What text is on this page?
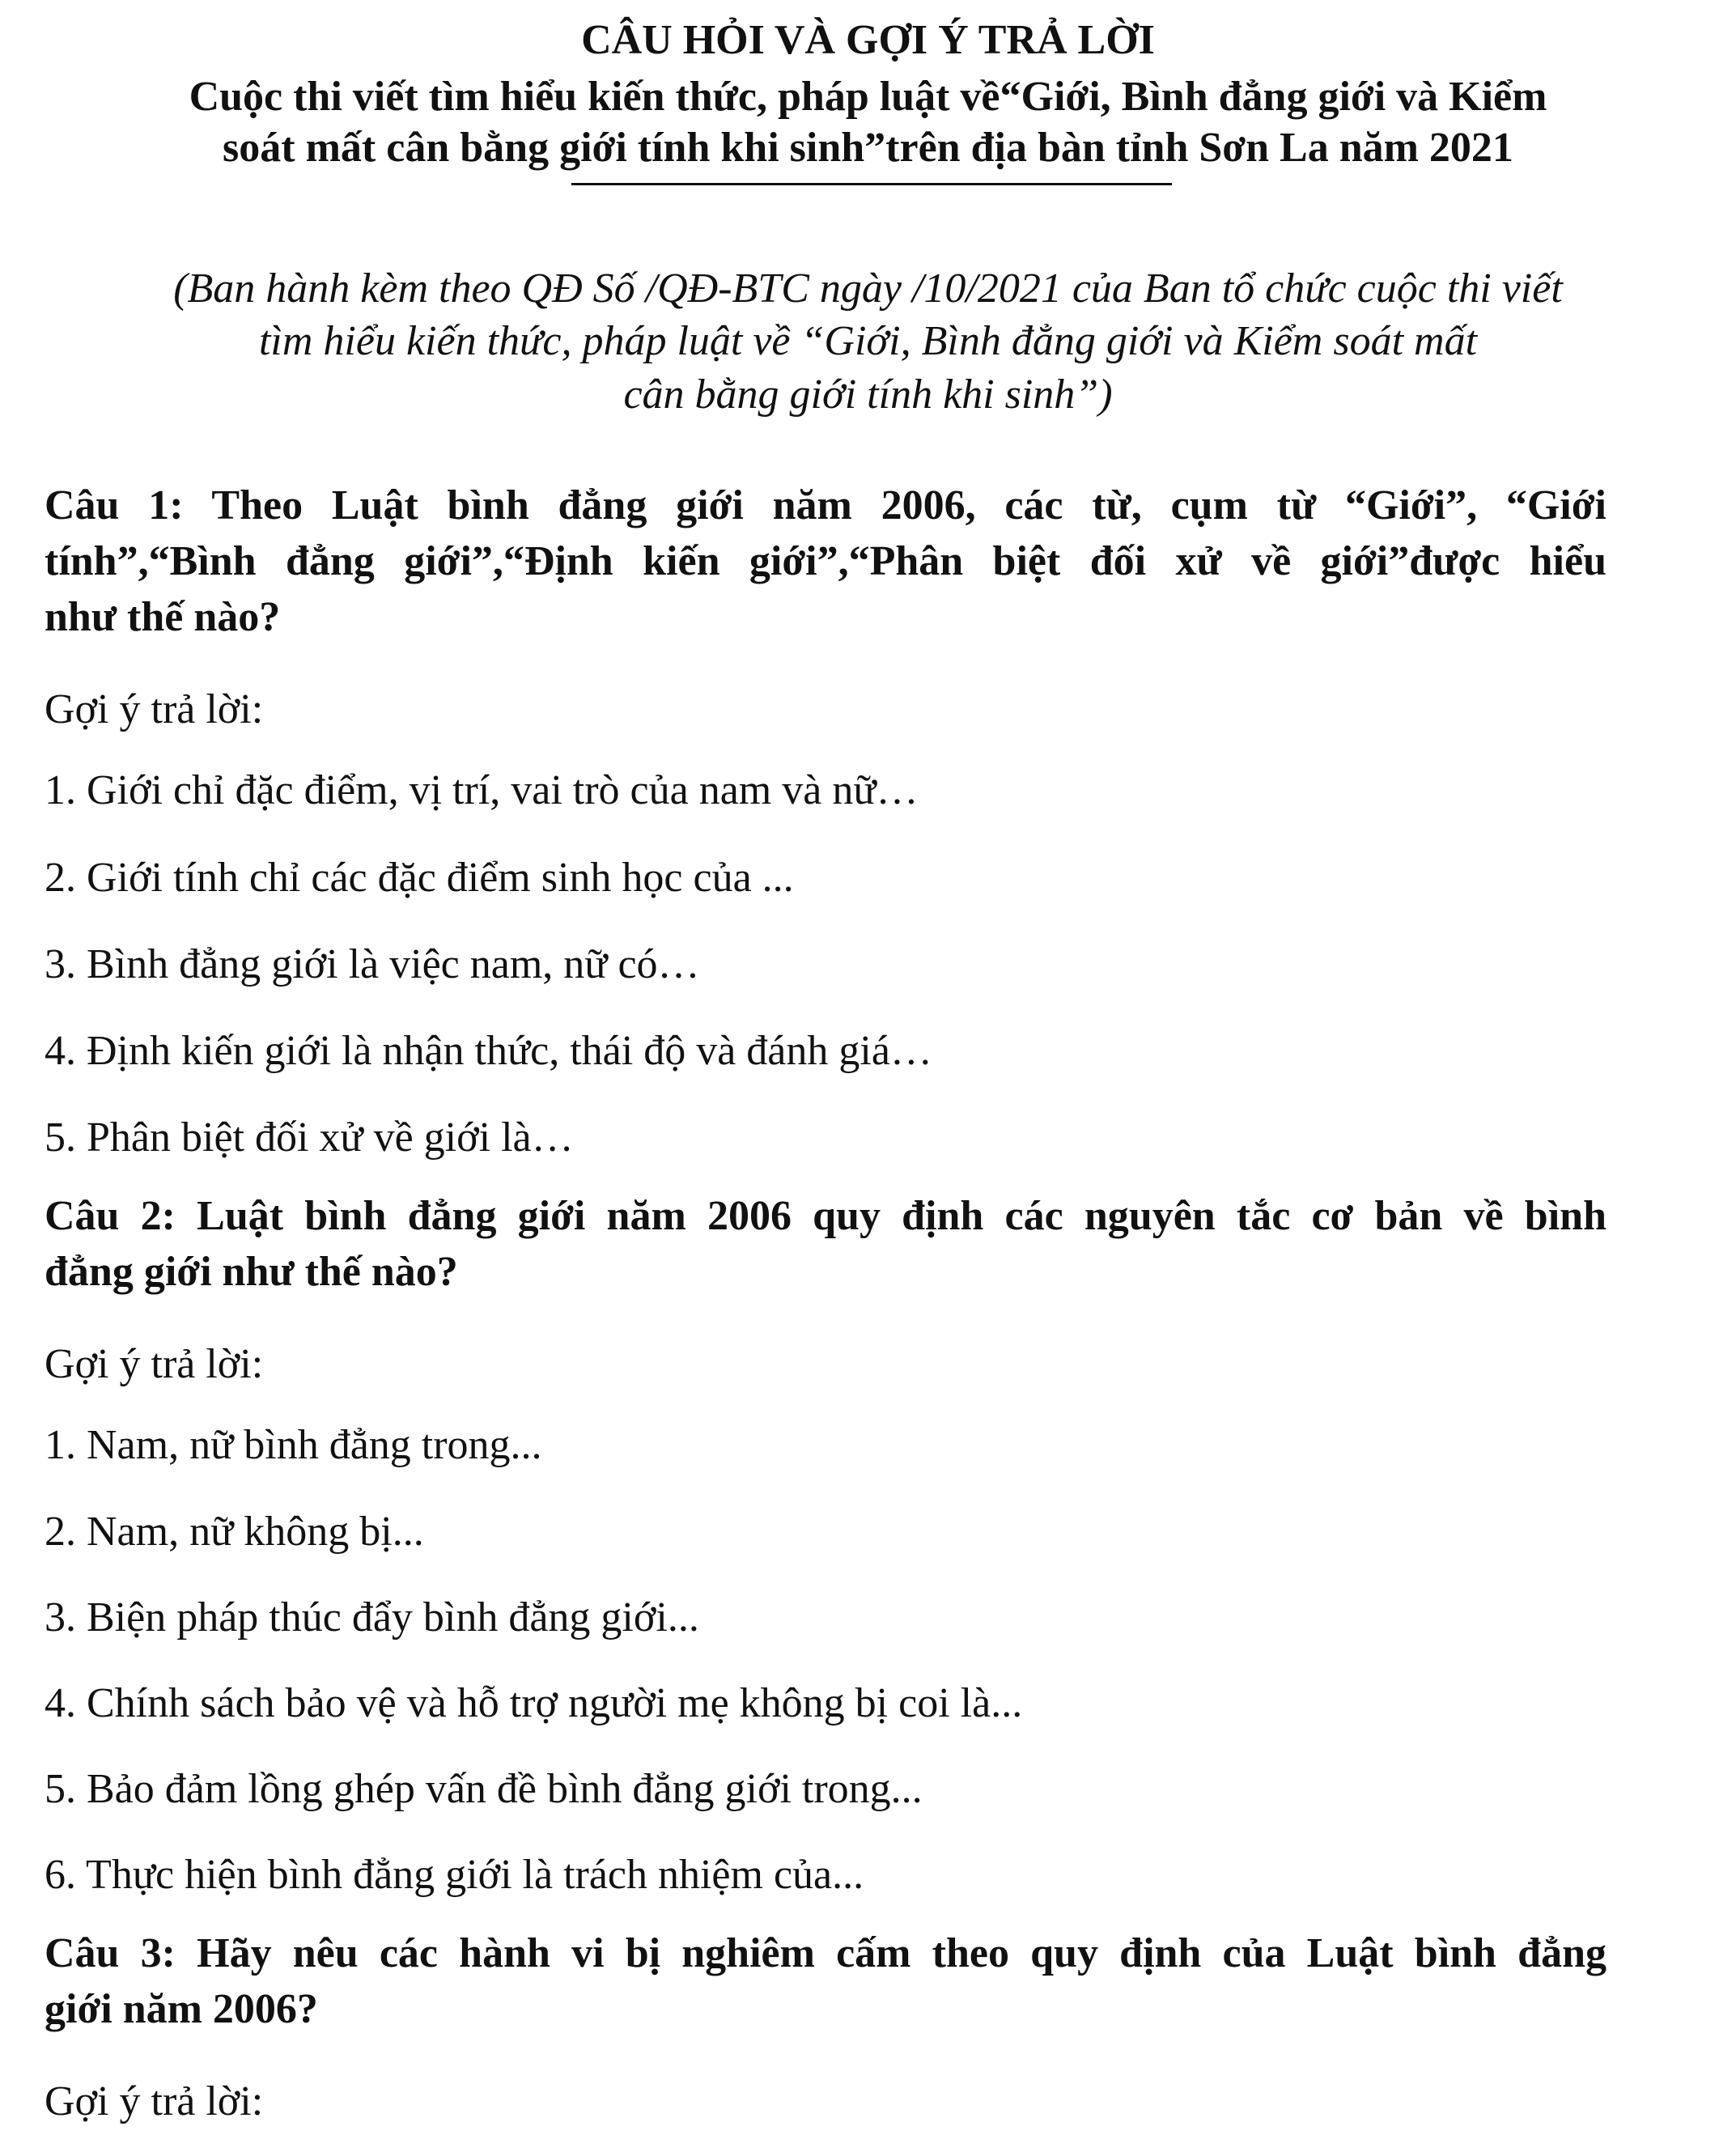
CÂU HỎI VÀ GỢI Ý TRẢ LỜI
Cuộc thi viết tìm hiểu kiến thức, pháp luật về“Giới, Bình đẳng giới và Kiểm
soát mất cân bằng giới tính khi sinh”trên địa bàn tỉnh Sơn La năm 2021
(Ban hành kèm theo QĐ Số /QĐ-BTC ngày /10/2021 của Ban tổ chức cuộc thi viết
tìm hiểu kiến thức, pháp luật về “Giới, Bình đẳng giới và Kiểm soát mất
cân bằng giới tính khi sinh”)
Câu 1: Theo Luật bình đẳng giới năm 2006, các từ, cụm từ “Giới”, “Giới
tính”,“Bình đẳng giới”,“Định kiến giới”,“Phân biệt đối xử về giới”được hiểu
như thế nào?
Gợi ý trả lời:
1. Giới chỉ đặc điểm, vị trí, vai trò của nam và nữ…
2. Giới tính chỉ các đặc điểm sinh học của ...
3. Bình đẳng giới là việc nam, nữ có…
4. Định kiến giới là nhận thức, thái độ và đánh giá…
5. Phân biệt đối xử về giới là…
Câu 2: Luật bình đẳng giới năm 2006 quy định các nguyên tắc cơ bản về bình
đẳng giới như thế nào?
Gợi ý trả lời:
1. Nam, nữ bình đẳng trong...
2. Nam, nữ không bị...
3. Biện pháp thúc đẩy bình đẳng giới...
4. Chính sách bảo vệ và hỗ trợ người mẹ không bị coi là...
5. Bảo đảm lồng ghép vấn đề bình đẳng giới trong...
6. Thực hiện bình đẳng giới là trách nhiệm của...
Câu 3: Hãy nêu các hành vi bị nghiêm cấm theo quy định của Luật bình đẳng
giới năm 2006?
Gợi ý trả lời:
